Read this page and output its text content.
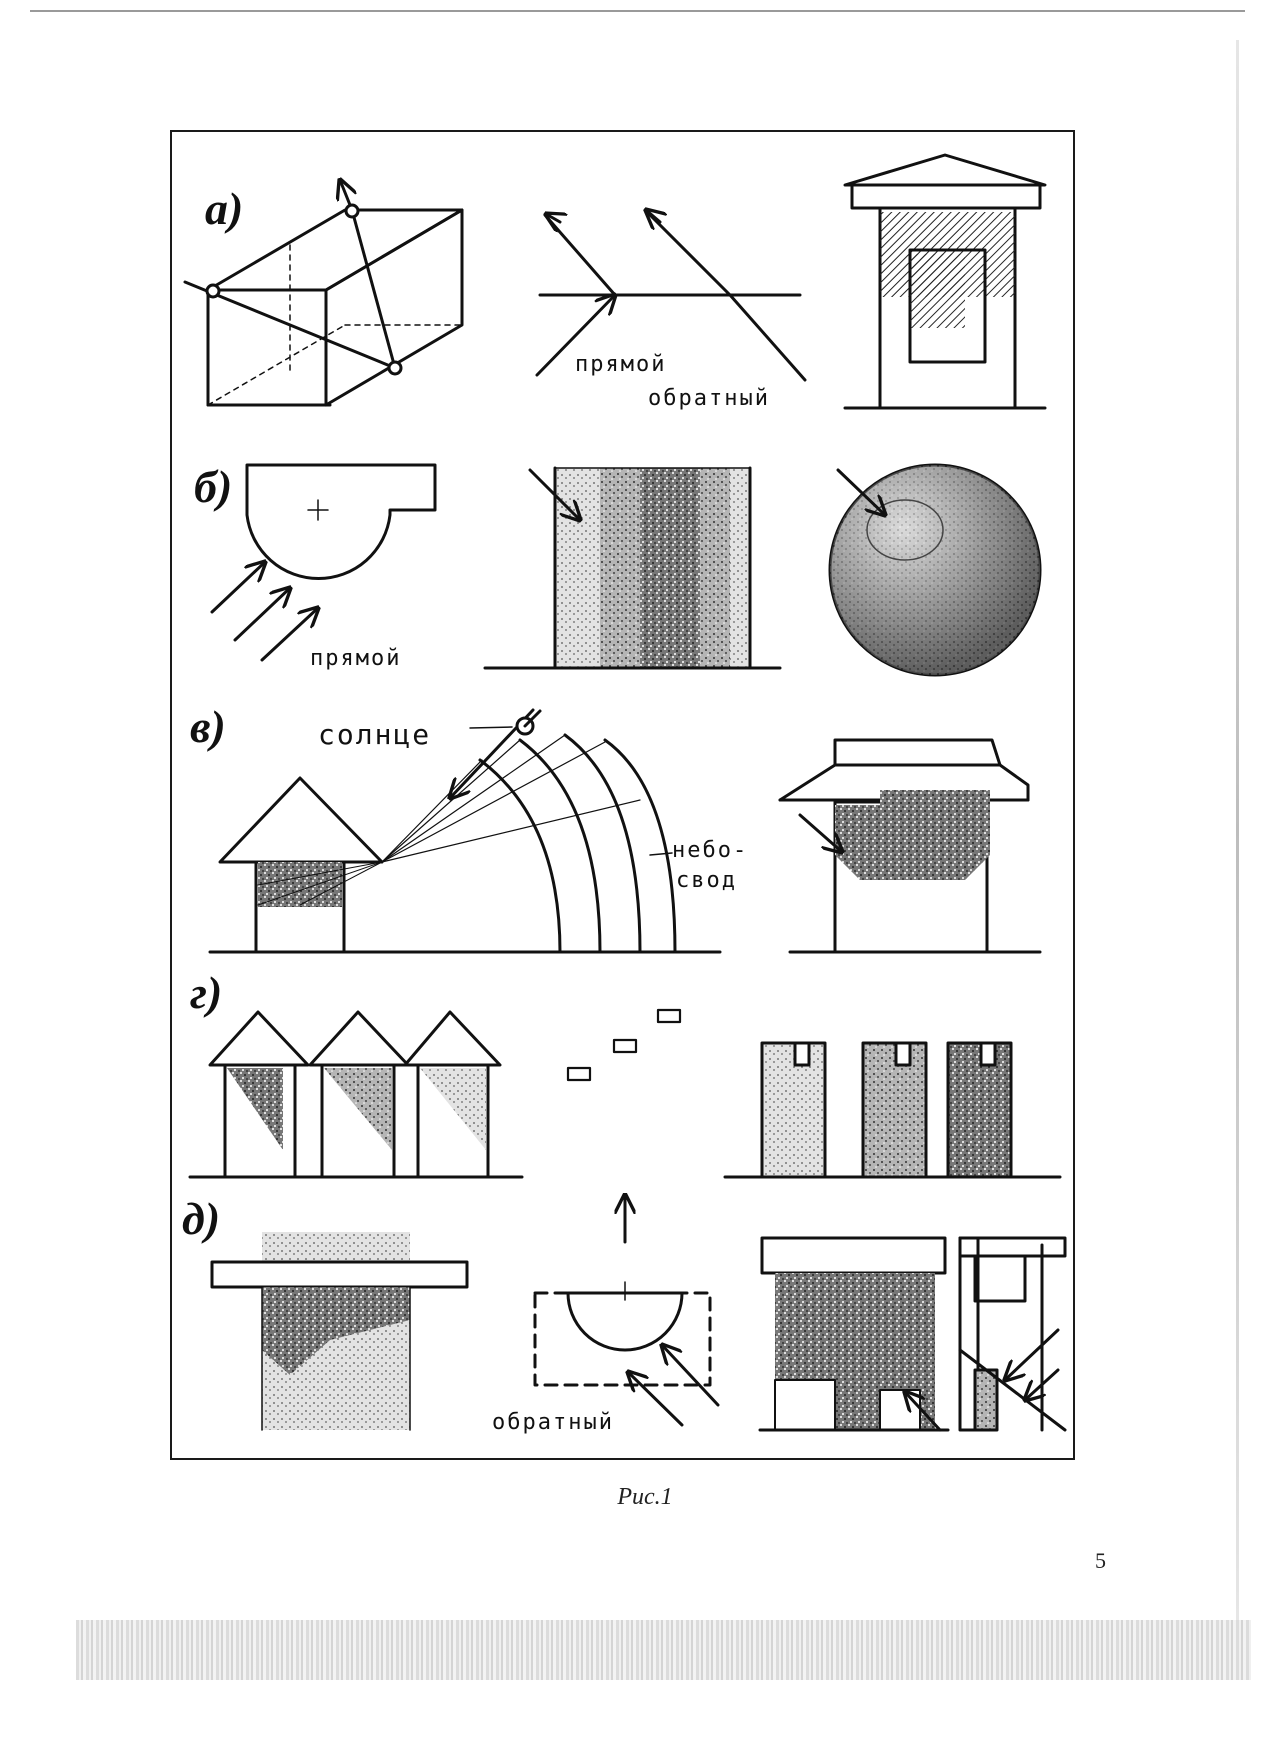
а)
б)
в)
г)
д)
прямой
обратный
прямой
солнце
небо-
свод
обратный
Рис.1
5
